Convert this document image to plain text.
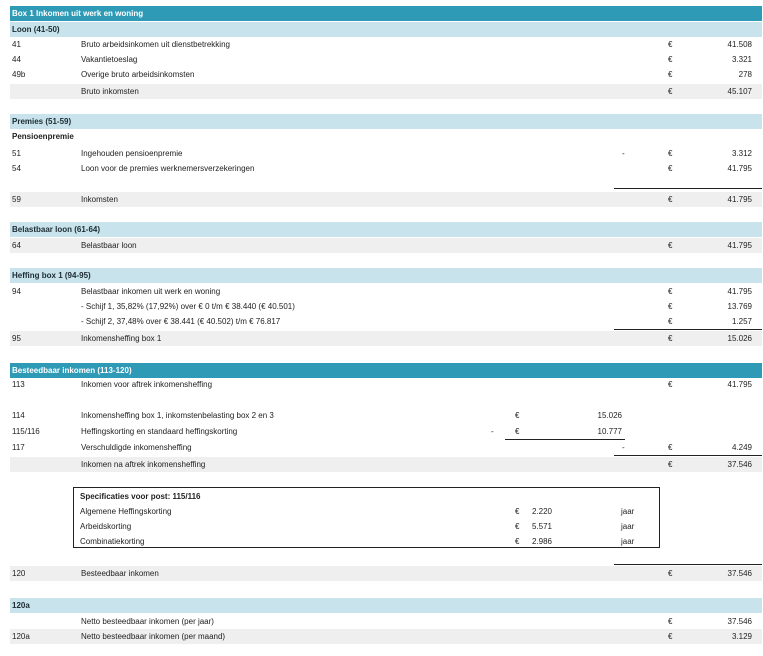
Box 1 Inkomen uit werk en woning
Loon (41-50)
41	Bruto arbeidsinkomen uit dienstbetrekking	€	41.508
44	Vakantietoeslag	€	3.321
49b	Overige bruto arbeidsinkomsten	€	278
Bruto inkomsten	€	45.107
Premies (51-59)
Pensioenpremie
51	Ingehouden pensioenpremie	-	€	3.312
54	Loon voor de premies werknemersverzekeringen	€	41.795
59	Inkomsten	€	41.795
Belastbaar loon (61-64)
64	Belastbaar loon	€	41.795
Heffing box 1 (94-95)
94	Belastbaar inkomen uit werk en woning	€	41.795
- Schijf 1, 35,82% (17,92%) over € 0 t/m € 38.440 (€ 40.501)	€	13.769
- Schijf 2, 37,48% over € 38.441 (€ 40.502) t/m € 76.817	€	1.257
95	Inkomensheffing box 1	€	15.026
Besteedbaar inkomen (113-120)
113	Inkomen voor aftrek inkomensheffing	€	41.795
114	Inkomensheffing box 1, inkomstenbelasting box 2 en 3	€	15.026
115/116	Heffingskorting en standaard heffingskorting	-	€	10.777
117	Verschuldigde inkomensheffing	-	€	4.249
Inkomen na aftrek inkomensheffing	€	37.546
Specificaties voor post: 115/116
Algemene Heffingskorting	€ 2.220	jaar
Arbeidskorting	€ 5.571	jaar
Combinatiekorting	€ 2.986	jaar
120	Besteedbaar inkomen	€	37.546
120a
Netto besteedbaar inkomen (per jaar)	€	37.546
120a	Netto besteedbaar inkomen (per maand)	€	3.129
